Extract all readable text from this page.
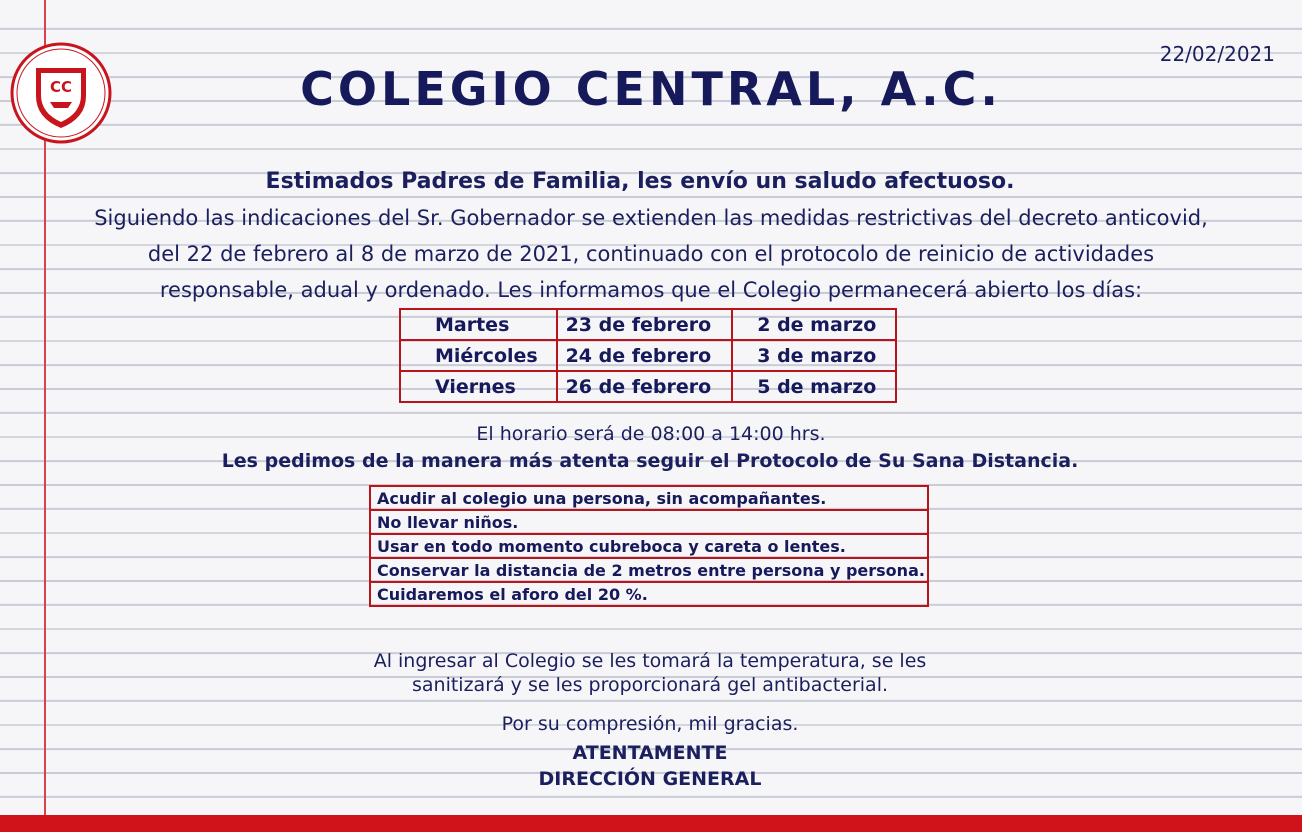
CC
22/02/2021
COLEGIO CENTRAL, A.C.
Estimados Padres de Familia, les envío un saludo afectuoso.
Siguiendo las indicaciones del Sr. Gobernador se extienden las medidas restrictivas del decreto anticovid,
del 22 de febrero al 8 de marzo de 2021, continuado con el protocolo de reinicio de actividades
responsable, adual y ordenado. Les informamos que el Colegio permanecerá abierto los días:
Martes	23 de febrero	2 de marzo
Miércoles	24 de febrero	3 de marzo
Viernes	26 de febrero	5 de marzo
El horario será de 08:00 a 14:00 hrs.
Les pedimos de la manera más atenta seguir el Protocolo de Su Sana Distancia.
Acudir al colegio una persona, sin acompañantes.
No llevar niños.
Usar en todo momento cubreboca y careta o lentes.
Conservar la distancia de 2 metros entre persona y persona.
Cuidaremos el aforo del 20 %.
Al ingresar al Colegio se les tomará la temperatura, se les
sanitizará y se les proporcionará gel antibacterial.
Por su compresión, mil gracias.
ATENTAMENTE
DIRECCIÓN GENERAL
